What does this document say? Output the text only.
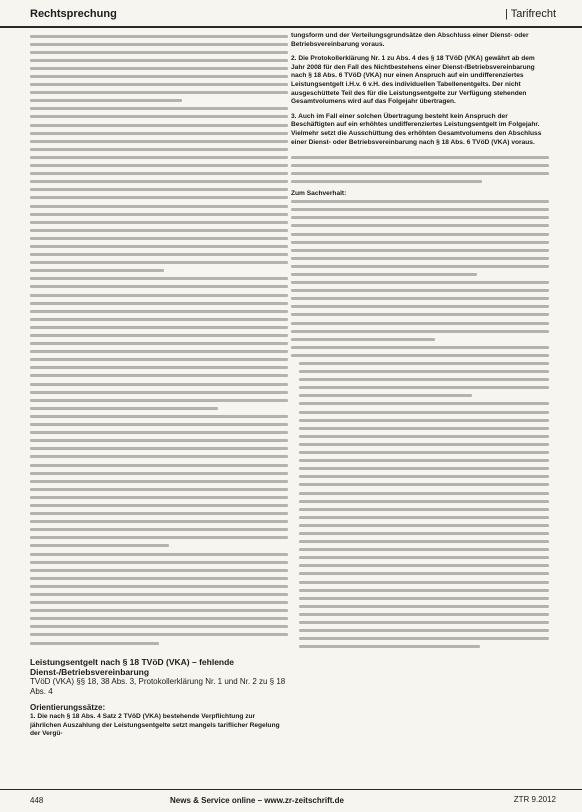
Rechtsprechung	| Tarifrecht
Leistungsentgelt nach § 18 TVöD (VKA) – fehlende Dienst-/Betriebsvereinbarung
TVöD (VKA) §§ 18, 38 Abs. 3, Protokollerklärung Nr. 1 und Nr. 2 zu § 18 Abs. 4
Orientierungssätze:
1. Die nach § 18 Abs. 4 Satz 2 TVöD (VKA) bestehende Verpflichtung zur jährlichen Auszahlung der Leistungsentgelte setzt mangels tariflicher Regelung der Vergü-
tungsform und der Verteilungsgrundsätze den Abschluss einer Dienst- oder Betriebsvereinbarung voraus.
2. Die Protokollerklärung Nr. 1 zu Abs. 4 des § 18 TVöD (VKA) gewährt ab dem Jahr 2008 für den Fall des Nichtbestehens einer Dienst-/Betriebsvereinbarung nach § 18 Abs. 6 TVöD (VKA) nur einen Anspruch auf ein undifferenziertes Leistungsentgelt i.H.v. 6 v.H. des individuellen Tabellenentgelts. Der nicht ausgeschüttete Teil des für die Leistungsentgelte zur Verfügung stehenden Gesamtvolumens wird auf das Folgejahr übertragen.
3. Auch im Fall einer solchen Übertragung besteht kein Anspruch der Beschäftigten auf ein erhöhtes undifferenziertes Leistungsentgelt im Folgejahr. Vielmehr setzt die Ausschüttung des erhöhten Gesamtvolumens den Abschluss einer Dienst- oder Betriebsvereinbarung nach § 18 Abs. 6 TVöD (VKA) voraus.
Zum Sachverhalt:
448	News & Service online – www.zr-zeitschrift.de	ZTR 9.2012
